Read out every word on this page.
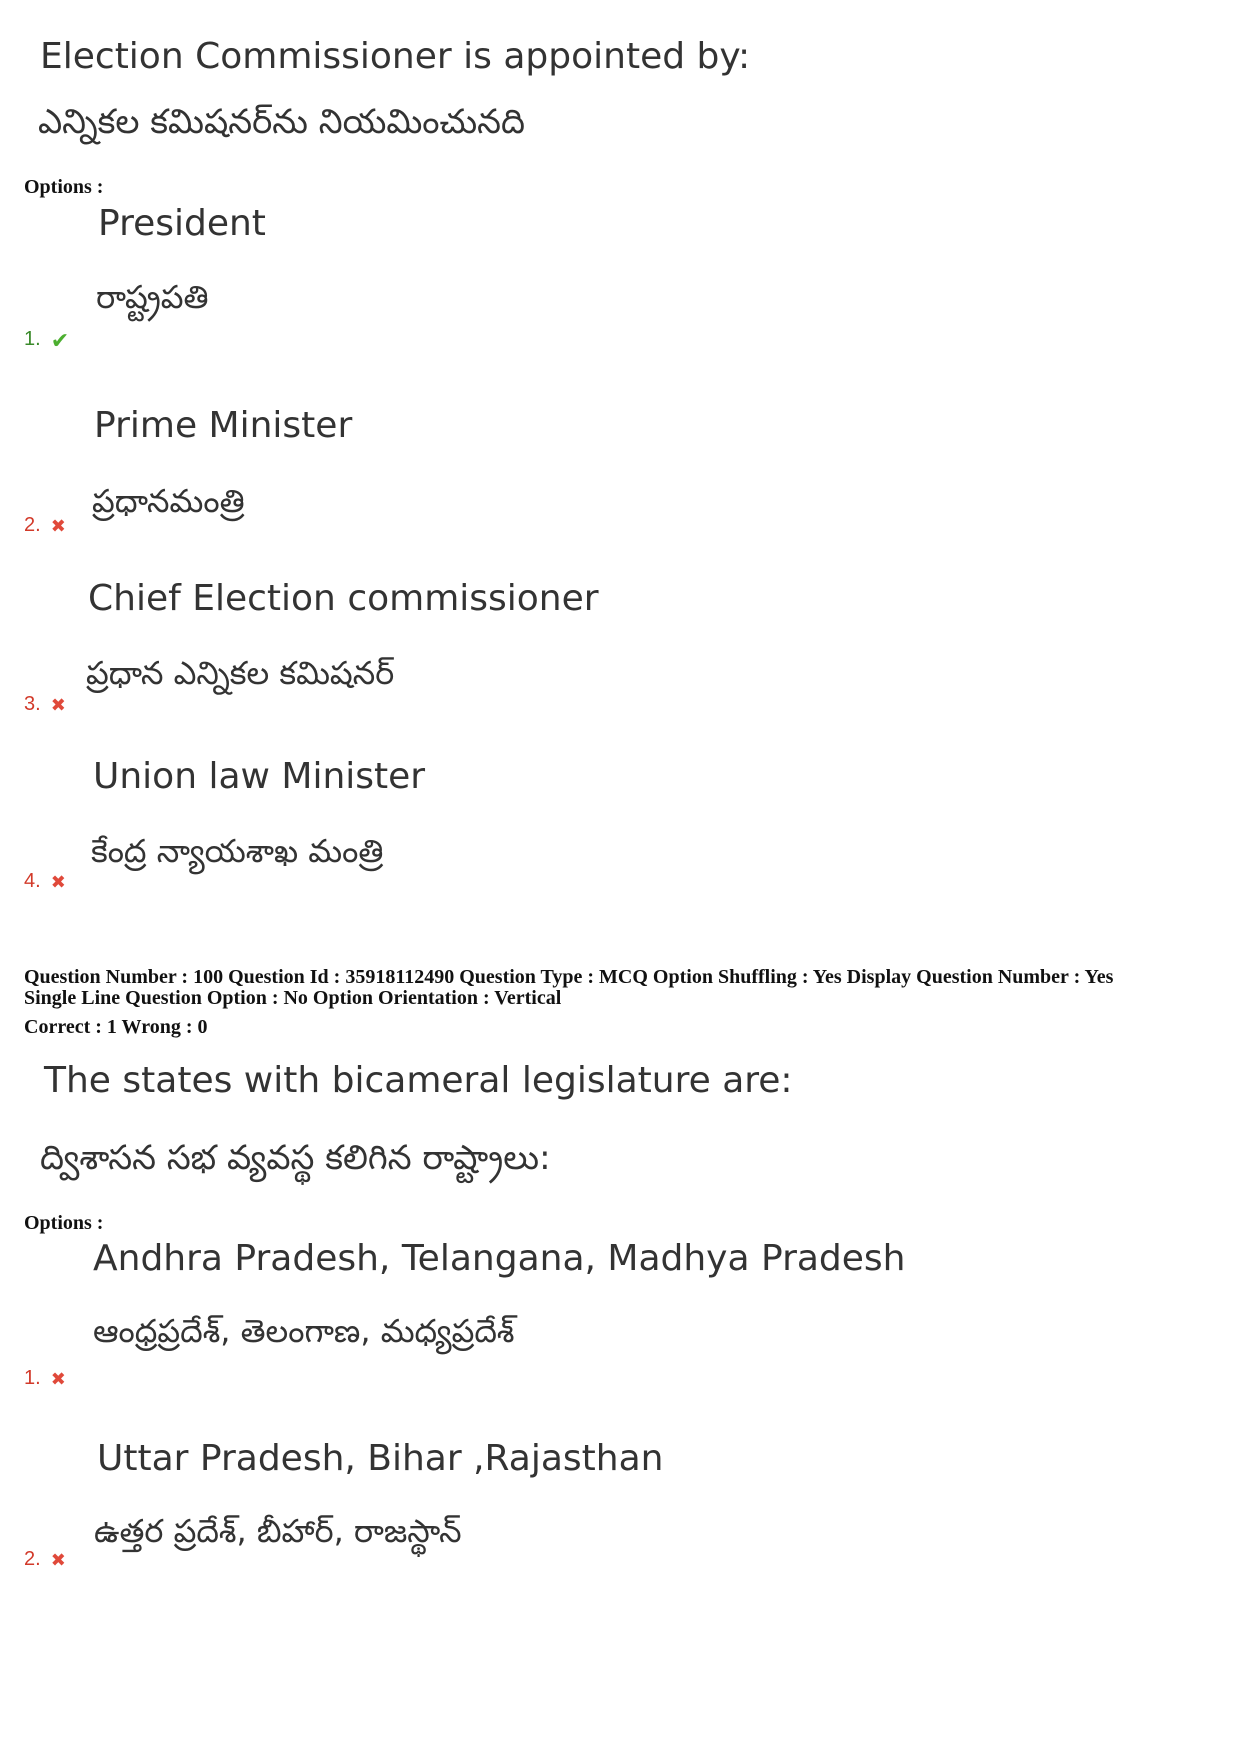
Election Commissioner is appointed by:
ఎన్నికల కమిషనర్‌ను నియమించునది
Options :
President
రాష్ట్రపతి
1. ✔
Prime Minister
ప్రధానమంత్రి
2. ✖
Chief Election commissioner
ప్రధాన ఎన్నికల కమిషనర్
3. ✖
Union law Minister
కేంద్ర న్యాయశాఖ మంత్రి
4. ✖
Question Number : 100 Question Id : 35918112490 Question Type : MCQ Option Shuffling : Yes Display Question Number : Yes
Single Line Question Option : No Option Orientation : Vertical
Correct : 1 Wrong : 0
The states with bicameral legislature are:
ద్విశాసన సభ వ్యవస్థ కలిగిన రాష్ట్రాలు:
Options :
Andhra Pradesh, Telangana, Madhya Pradesh
ఆంధ్రప్రదేశ్, తెలంగాణ, మధ్యప్రదేశ్
1. ✖
Uttar Pradesh, Bihar ,Rajasthan
ఉత్తర ప్రదేశ్, బీహార్, రాజస్థాన్
2. ✖
